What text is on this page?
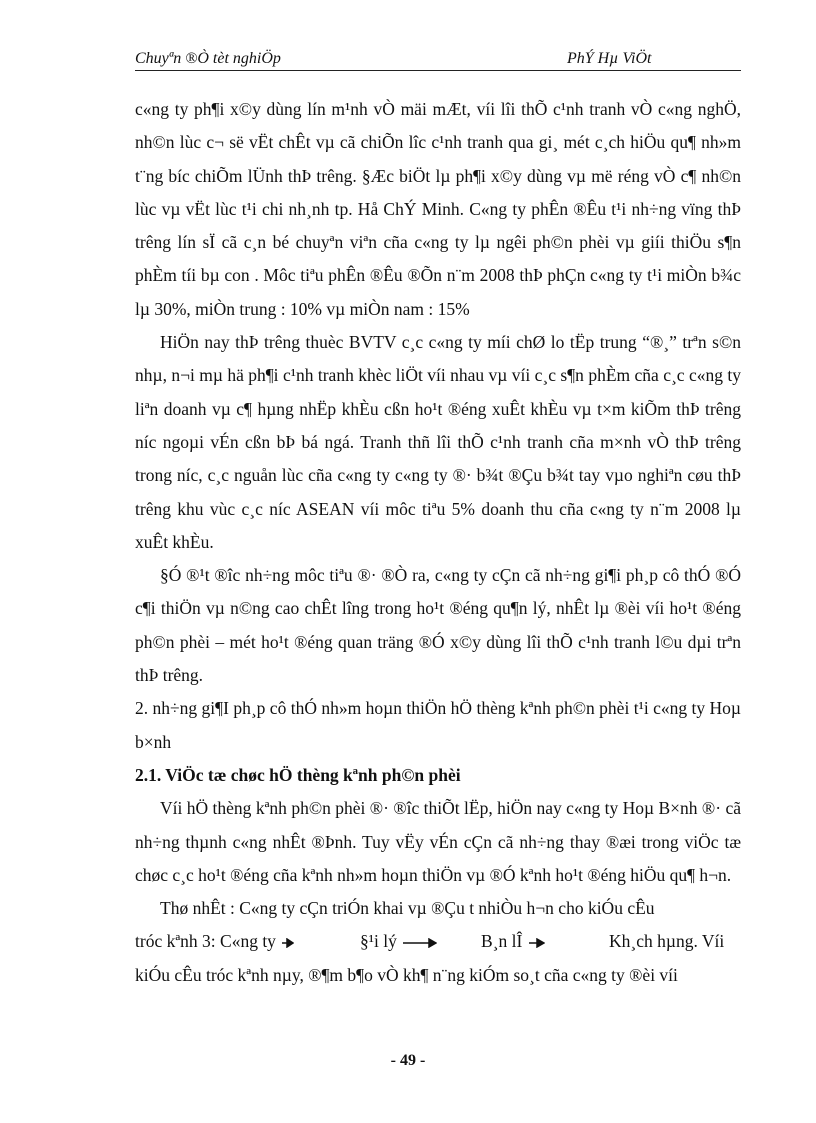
Chuyªn ®Ò tèt nghiÖp	PhÝ Hµ ViÖt

c«ng ty ph¶i x©y dùng lín m¹nh vÒ mäi mÆt, víi lîi thÕ c¹nh tranh vÒ c«ng nghÖ, nh©n lùc c¬ së vËt chÊt vµ cã chiÕn lîc c¹nh tranh qua gi¸ mét c¸ch hiÖu qu¶ nh»m t¨ng bíc chiÕm lÜnh thÞ trêng. §Æc biÖt lµ ph¶i x©y dùng vµ më réng vÒ c¶ nh©n lùc vµ vËt lùc t¹i chi nh¸nh tp. Hå ChÝ Minh. C«ng ty phÊn ®Êu t¹i nh÷ng vïng thÞ trêng lín sÏ cã c¸n bé chuyªn viªn cña c«ng ty lµ ngêi ph©n phèi vµ giíi thiÖu s¶n phÈm tíi bµ con . Môc tiªu phÊn ®Êu ®Õn n¨m 2008 thÞ phÇn c«ng ty t¹i miÒn b¾c lµ 30%, miÒn trung : 10% vµ miÒn nam : 15%

HiÖn nay thÞ trêng thuèc BVTV c¸c c«ng ty míi chØ lo tËp trung “®¸” trªn s©n nhµ, n¬i mµ hä ph¶i c¹nh tranh khèc liÖt víi nhau vµ víi c¸c s¶n phÈm cña c¸c c«ng ty liªn doanh vµ c¶ hµng nhËp khÈu cßn ho¹t ®éng xuÊt khÈu vµ t×m kiÕm thÞ trêng níc ngoµi vÉn cßn bÞ bá ngá. Tranh thñ lîi thÕ c¹nh tranh cña m×nh vÒ thÞ trêng trong níc, c¸c nguån lùc cña c«ng ty c«ng ty ®· b¾t ®Çu b¾t tay vµo nghiªn cøu thÞ trêng khu vùc c¸c níc ASEAN víi môc tiªu 5% doanh thu cña c«ng ty n¨m 2008 lµ xuÊt khÈu.

§Ó ®¹t ®îc nh÷ng môc tiªu ®· ®Ò ra, c«ng ty cÇn cã nh÷ng gi¶i ph¸p cô thÓ ®Ó c¶i thiÖn vµ n©ng cao chÊt lîng trong ho¹t ®éng qu¶n lý, nhÊt lµ ®èi víi ho¹t ®éng ph©n phèi – mét ho¹t ®éng quan träng ®Ó x©y dùng lîi thÕ c¹nh tranh l©u dµi trªn thÞ trêng.

2. nh÷ng gi¶I ph¸p cô thÓ nh»m hoµn thiÖn hÖ thèng kªnh ph©n phèi t¹i c«ng ty Hoµ b×nh

2.1. ViÖc tæ chøc hÖ thèng kªnh ph©n phèi

Víi hÖ thèng kªnh ph©n phèi ®· ®îc thiÕt lËp, hiÖn nay c«ng ty Hoµ B×nh ®· cã nh÷ng thµnh c«ng nhÊt ®Þnh. Tuy vËy vÉn cÇn cã nh÷ng thay ®æi trong viÖc tæ chøc c¸c ho¹t ®éng cña kªnh nh»m hoµn thiÖn vµ ®Ó kªnh ho¹t ®éng hiÖu qu¶ h¬n.

Thø nhÊt : C«ng ty cÇn triÓn khai vµ ®Çu t nhiÒu h¬n cho kiÓu cÊu

tróc kªnh 3: C«ng ty	§¹i lý	B¸n lÎ	Kh¸ch hµng. Víi

kiÓu cÊu tróc kªnh nµy, ®¶m b¶o vÒ kh¶ n¨ng kiÓm so¸t cña c«ng ty ®èi víi

- 49 -
